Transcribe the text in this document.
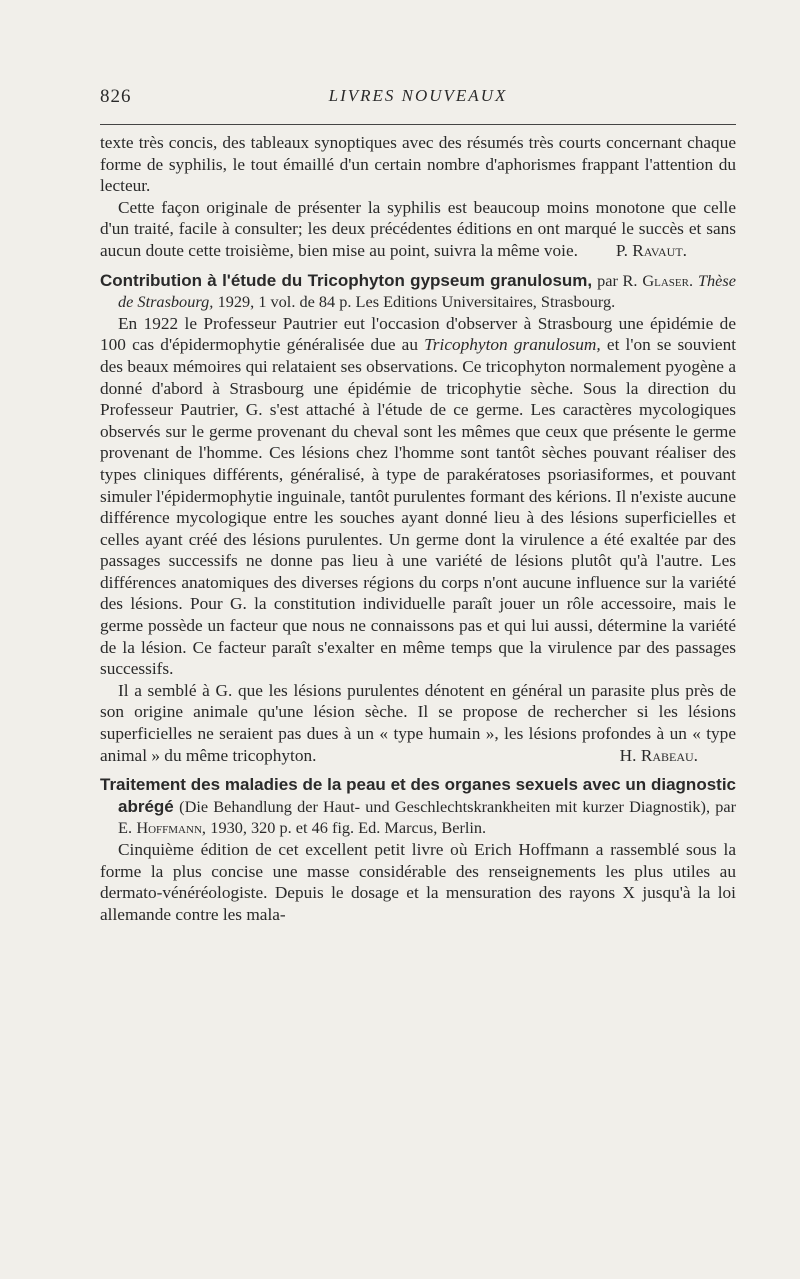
826	LIVRES NOUVEAUX

texte très concis, des tableaux synoptiques avec des résumés très courts concernant chaque forme de syphilis, le tout émaillé d'un certain nombre d'aphorismes frappant l'attention du lecteur.

Cette façon originale de présenter la syphilis est beaucoup moins monotone que celle d'un traité, facile à consulter; les deux précédentes éditions en ont marqué le succès et sans aucun doute cette troisième, bien mise au point, suivra la même voie.	P. Ravaut.

Contribution à l'étude du Tricophyton gypseum granulosum, par R. Glaser. Thèse de Strasbourg, 1929, 1 vol. de 84 p. Les Editions Universitaires, Strasbourg.

En 1922 le Professeur Pautrier eut l'occasion d'observer à Strasbourg une épidémie de 100 cas d'épidermophytie généralisée due au Tricophyton granulosum, et l'on se souvient des beaux mémoires qui relataient ses observations. Ce tricophyton normalement pyogène a donné d'abord à Strasbourg une épidémie de tricophytie sèche. Sous la direction du Professeur Pautrier, G. s'est attaché à l'étude de ce germe. Les caractères mycologiques observés sur le germe provenant du cheval sont les mêmes que ceux que présente le germe provenant de l'homme. Ces lésions chez l'homme sont tantôt sèches pouvant réaliser des types cliniques différents, généralisé, à type de parakératoses psoriasiformes, et pouvant simuler l'épidermophytie inguinale, tantôt purulentes formant des kérions. Il n'existe aucune différence mycologique entre les souches ayant donné lieu à des lésions superficielles et celles ayant créé des lésions purulentes. Un germe dont la virulence a été exaltée par des passages successifs ne donne pas lieu à une variété de lésions plutôt qu'à l'autre. Les différences anatomiques des diverses régions du corps n'ont aucune influence sur la variété des lésions. Pour G. la constitution individuelle paraît jouer un rôle accessoire, mais le germe possède un facteur que nous ne connaissons pas et qui lui aussi, détermine la variété de la lésion. Ce facteur paraît s'exalter en même temps que la virulence par des passages successifs.

Il a semblé à G. que les lésions purulentes dénotent en général un parasite plus près de son origine animale qu'une lésion sèche. Il se propose de rechercher si les lésions superficielles ne seraient pas dues à un « type humain », les lésions profondes à un « type animal » du même tricophyton.	H. Rabeau.

Traitement des maladies de la peau et des organes sexuels avec un diagnostic abrégé (Die Behandlung der Haut- und Geschlechtskrankheiten mit kurzer Diagnostik), par E. Hoffmann, 1930, 320 p. et 46 fig. Ed. Marcus, Berlin.

Cinquième édition de cet excellent petit livre où Erich Hoffmann a rassemblé sous la forme la plus concise une masse considérable des renseignements les plus utiles au dermato-vénéréologiste. Depuis le dosage et la mensuration des rayons X jusqu'à la loi allemande contre les mala-
